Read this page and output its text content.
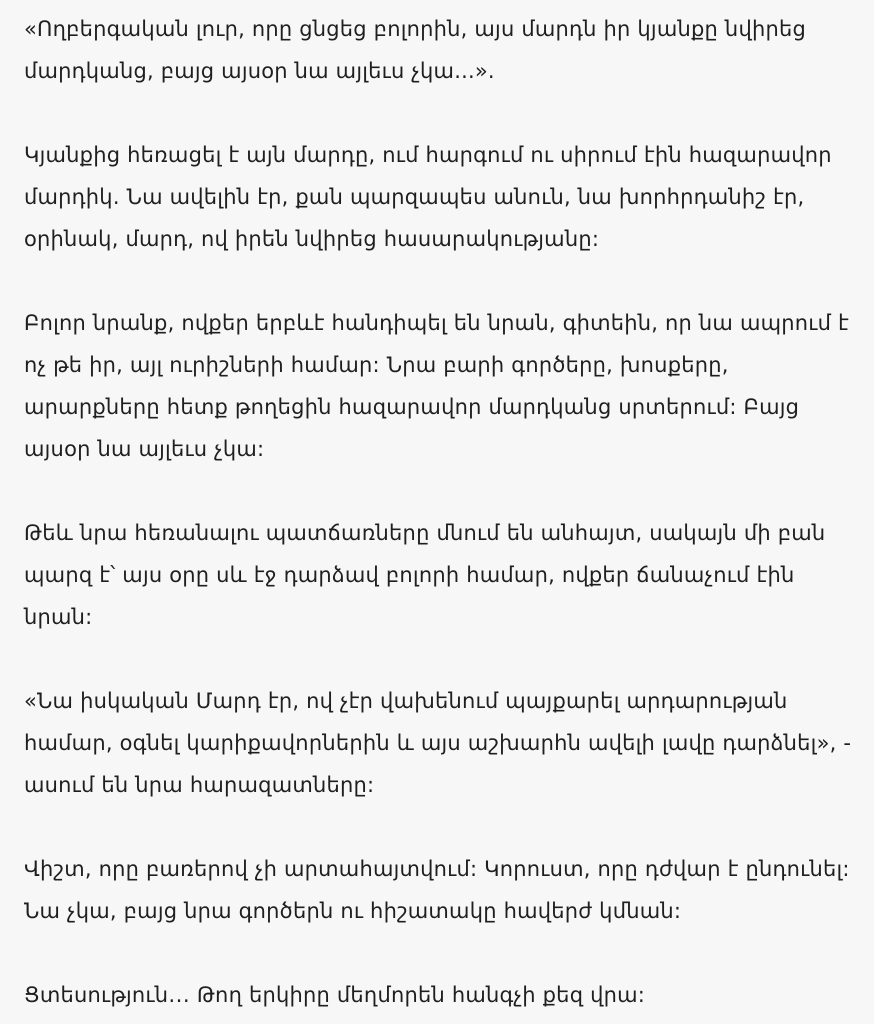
«Ողբերգական լուր, որը ցնցեց բոլորին, այս մարդն իր կյանքը նվիրեց մարդկանց, բայց այսօր նա այլեւս չկա...».

Կյանքից հեռացել է այն մարդը, ում հարգում ու սիրում էին հազարավոր մարդիկ. Նա ավելին էր, քան պարզապես անուն, նա խորհրդանիշ էր, օրինակ, մարդ, ով իրեն նվիրեց հասարակությանը:

Բոլոր նրանք, ովքեր երբևէ հանդիպել են նրան, գիտեին, որ նա ապրում է ոչ թե իր, այլ ուրիշների համար: Նրա բարի գործերը, խոսքերը, արարքները հետք թողեցին հազարավոր մարդկանց սրտերում: Բայց այսօր նա այլեւս չկա:

Թեև նրա հեռանալու պատճառները մնում են անհայտ, սակայն մի բան պարզ է՝ այս օրը սև էջ դարձավ բոլորի համար, ովքեր ճանաչում էին նրան:

«Նա իսկական Մարդ էր, ով չէր վախենում պայքարել արդարության համար, օգնել կարիքավորներին և այս աշխարհն ավելի լավը դարձնել», - ասում են նրա հարազատները:

Վիշտ, որը բառերով չի արտահայտվում: Կորուստ, որը դժվար է ընդունել: Նա չկա, բայց նրա գործերն ու հիշատակը հավերժ կմնան:

Ցտեսություն․․․ Թող երկիրը մեղմորեն հանգչի քեզ վրա:
